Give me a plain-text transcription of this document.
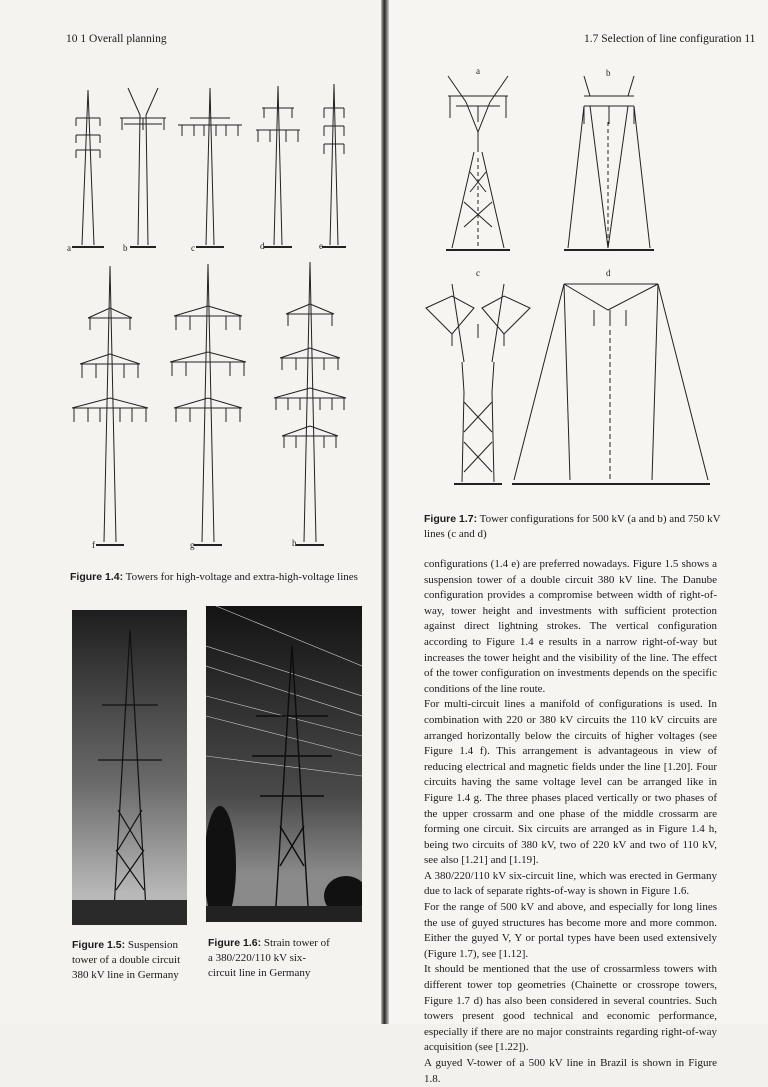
10 1 Overall planning	1.7 Selection of line configuration 11
a	b	c	d	e
f	g	h
Figure 1.4: Towers for high-voltage and extra-high-voltage lines
Figure 1.5: Suspension tower of a double circuit 380 kV line in Germany
Figure 1.6: Strain tower of a 380/220/110 kV six-circuit line in Germany
a	b
c	d
Figure 1.7: Tower configurations for 500 kV (a and b) and 750 kV lines (c and d)

configurations (1.4 e) are preferred nowadays. Figure 1.5 shows a suspension tower of a double circuit 380 kV line. The Danube configuration provides a compromise between width of right-of-way, tower height and investments with sufficient protection against direct lightning strokes. The vertical configuration according to Figure 1.4 e results in a narrow right-of-way but increases the tower height and the visibility of the line. The effect of the tower configuration on investments depends on the specific conditions of the line route.

For multi-circuit lines a manifold of configurations is used. In combination with 220 or 380 kV circuits the 110 kV circuits are arranged horizontally below the circuits of higher voltages (see Figure 1.4 f). This arrangement is advantageous in view of reducing electrical and magnetic fields under the line [1.20]. Four circuits having the same voltage level can be arranged like in Figure 1.4 g. The three phases placed vertically or two phases of the upper crossarm and one phase of the middle crossarm are forming one circuit. Six circuits are arranged as in Figure 1.4 h, being two circuits of 380 kV, two of 220 kV and two of 110 kV, see also [1.21] and [1.19].

A 380/220/110 kV six-circuit line, which was erected in Germany due to lack of separate rights-of-way is shown in Figure 1.6.

For the range of 500 kV and above, and especially for long lines the use of guyed structures has become more and more common. Either the guyed V, Y or portal types have been used extensively (Figure 1.7), see [1.12].

It should be mentioned that the use of crossarmless towers with different tower top geometries (Chainette or crossrope towers, Figure 1.7 d) has also been considered in several countries. Such towers present good technical and economic performance, especially if there are no major constraints regarding right-of-way acquisition (see [1.22]).

A guyed V-tower of a 500 kV line in Brazil is shown in Figure 1.8.
